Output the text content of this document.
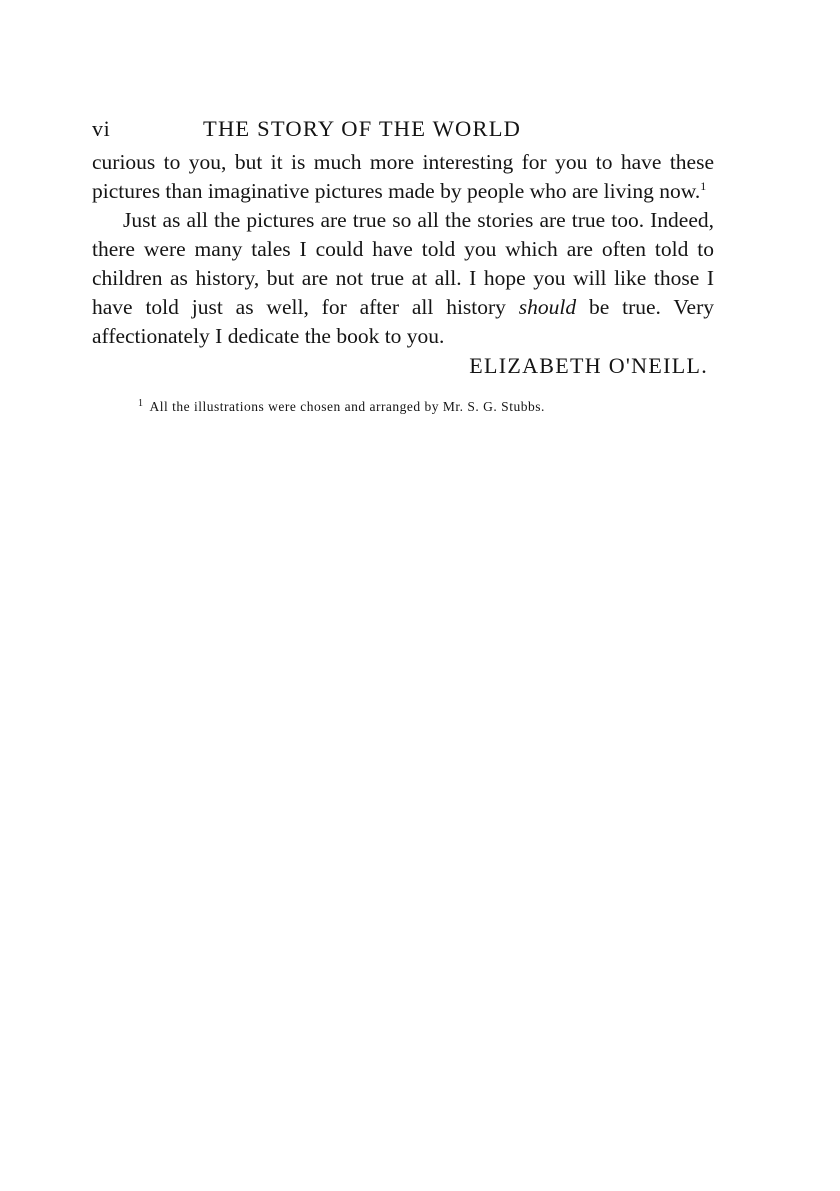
vi	THE STORY OF THE WORLD

curious to you, but it is much more interesting for you to have these pictures than imaginative pictures made by people who are living now.$^1$

Just as all the pictures are true so all the stories are true too. Indeed, there were many tales I could have told you which are often told to children as history, but are not true at all. I hope you will like those I have told just as well, for after all history should be true. Very affectionately I dedicate the book to you.

ELIZABETH O'NEILL.
$^1$ All the illustrations were chosen and arranged by Mr. S. G. Stubbs.
